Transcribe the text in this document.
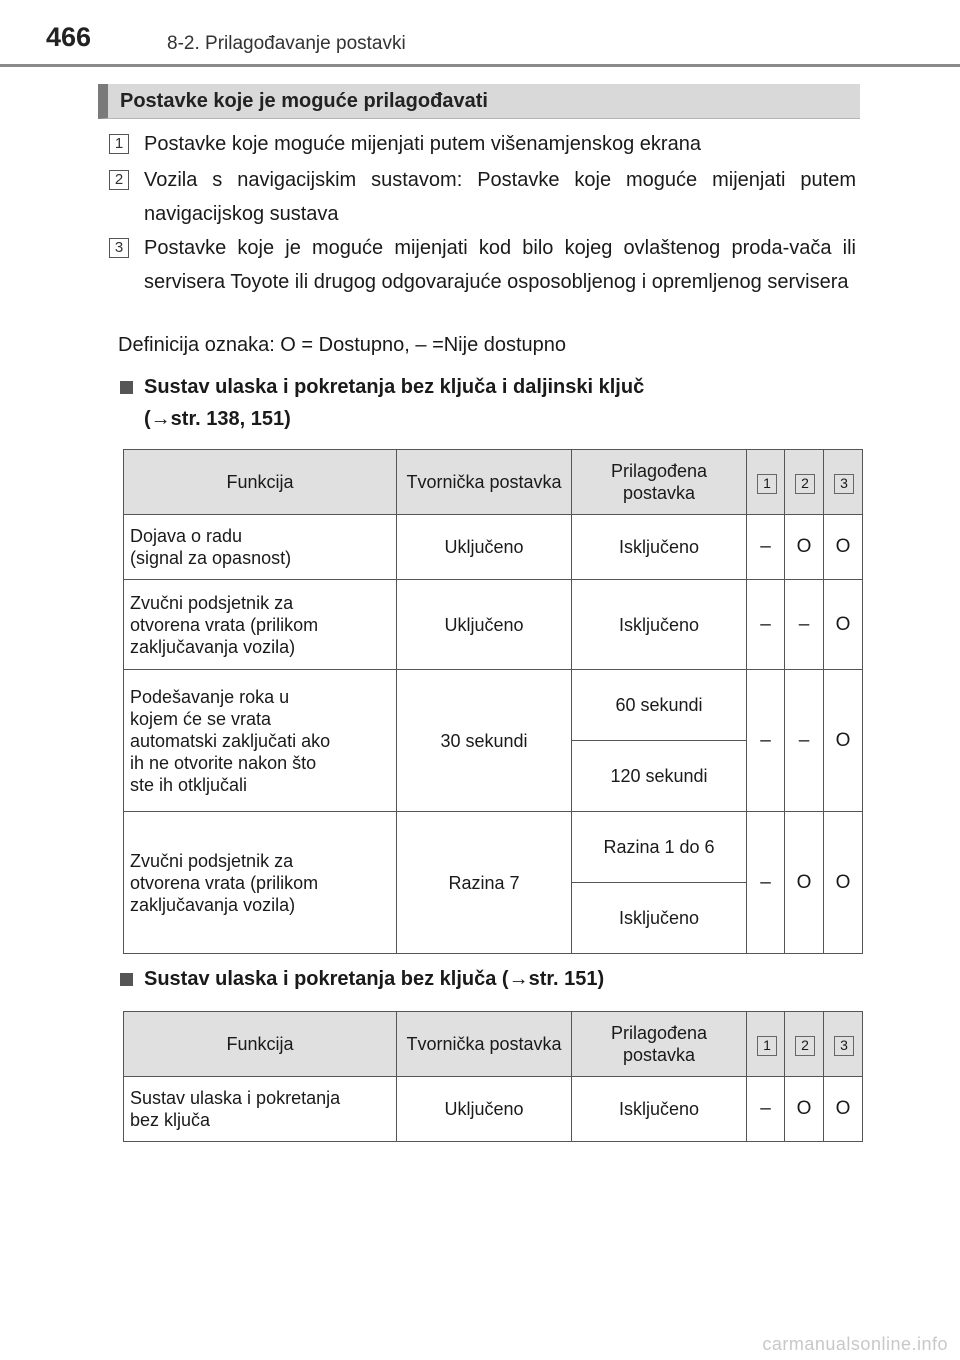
466	8-2. Prilagođavanje postavki
Postavke koje je moguće prilagođavati
1 Postavke koje moguće mijenjati putem višenamjenskog ekrana
2 Vozila s navigacijskim sustavom: Postavke koje moguće mijenjati putem navigacijskog sustava
3 Postavke koje je moguće mijenjati kod bilo kojeg ovlaštenog proda-vača ili servisera Toyote ili drugog odgovarajuće osposobljenog i opremljenog servisera
Definicija oznaka: O = Dostupno, – =Nije dostupno
Sustav ulaska i pokretanja bez ključa i daljinski ključ
(→str. 138, 151)
Funkcija	Tvornička postavka	Prilagođena postavka	1	2	3
Dojava o radu
(signal za opasnost)	Uključeno	Isključeno	–	O	O
Zvučni podsjetnik za
otvorena vrata (prilikom
zaključavanja vozila)	Uključeno	Isključeno	–	–	O
Podešavanje roka u
kojem će se vrata
automatski zaključati ako
ih ne otvorite nakon što
ste ih otključali	30 sekundi	60 sekundi	–	–	O
		120 sekundi			
Zvučni podsjetnik za
otvorena vrata (prilikom
zaključavanja vozila)	Razina 7	Razina 1 do 6	–	O	O
		Isključeno			
Sustav ulaska i pokretanja bez ključa (→str. 151)
Funkcija	Tvornička postavka	Prilagođena postavka	1	2	3
Sustav ulaska i pokretanja
bez ključa	Uključeno	Isključeno	–	O	O
carmanualsonline.info
